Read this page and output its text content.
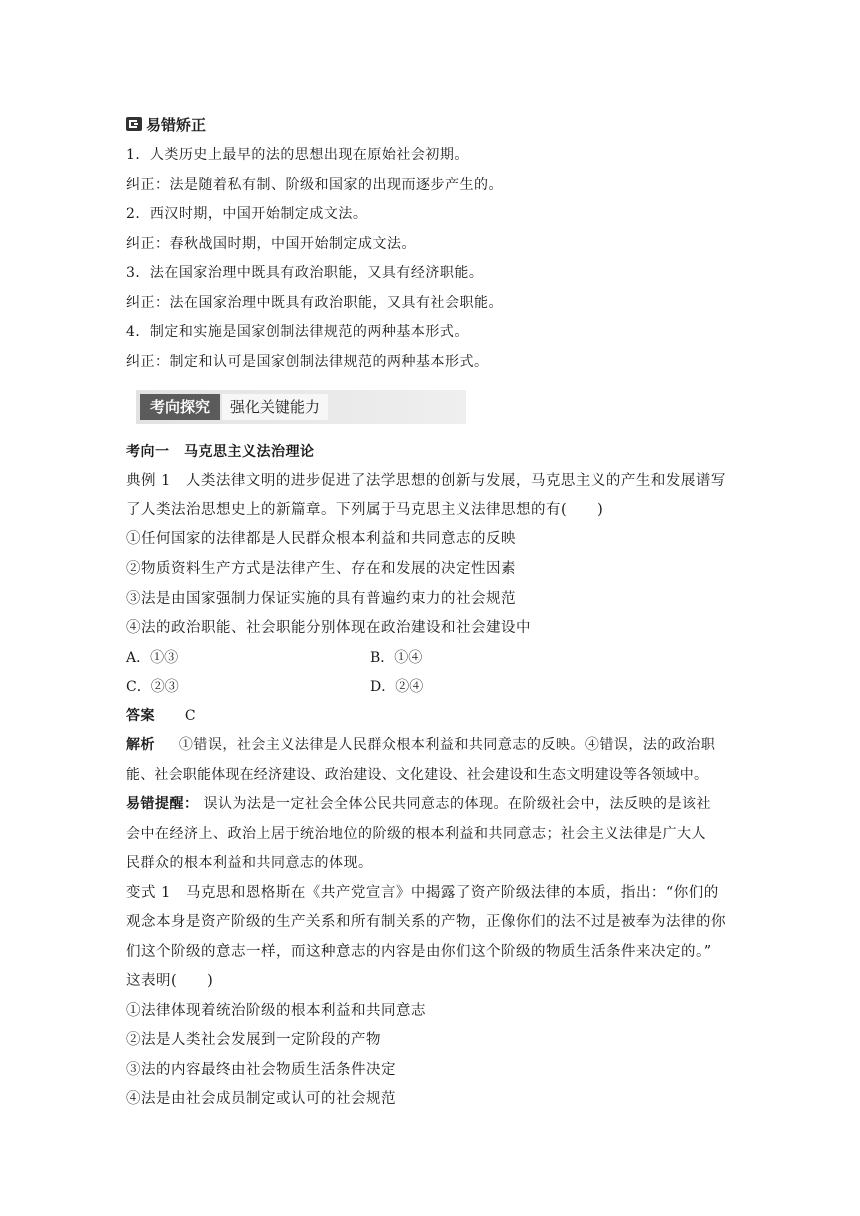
易错矫正
1．人类历史上最早的法的思想出现在原始社会初期。
纠正：法是随着私有制、阶级和国家的出现而逐步产生的。
2．西汉时期，中国开始制定成文法。
纠正：春秋战国时期，中国开始制定成文法。
3．法在国家治理中既具有政治职能，又具有经济职能。
纠正：法在国家治理中既具有政治职能，又具有社会职能。
4．制定和实施是国家创制法律规范的两种基本形式。
纠正：制定和认可是国家创制法律规范的两种基本形式。
考向探究	强化关键能力
考向一　马克思主义法治理论
典例 1　人类法律文明的进步促进了法学思想的创新与发展，马克思主义的产生和发展谱写
了人类法治思想史上的新篇章。下列属于马克思主义法律思想的有(　　)
①任何国家的法律都是人民群众根本利益和共同意志的反映
②物质资料生产方式是法律产生、存在和发展的决定性因素
③法是由国家强制力保证实施的具有普遍约束力的社会规范
④法的政治职能、社会职能分别体现在政治建设和社会建设中
A．①③	B．①④
C．②③	D．②④
答案 C
解析 ①错误，社会主义法律是人民群众根本利益和共同意志的反映。④错误，法的政治职
能、社会职能体现在经济建设、政治建设、文化建设、社会建设和生态文明建设等各领域中。
易错提醒： 误认为法是一定社会全体公民共同意志的体现。在阶级社会中，法反映的是该社
会中在经济上、政治上居于统治地位的阶级的根本利益和共同意志；社会主义法律是广大人
民群众的根本利益和共同意志的体现。
变式 1　马克思和恩格斯在《共产党宣言》中揭露了资产阶级法律的本质，指出：“你们的
观念本身是资产阶级的生产关系和所有制关系的产物，正像你们的法不过是被奉为法律的你
们这个阶级的意志一样，而这种意志的内容是由你们这个阶级的物质生活条件来决定的。”
这表明(　　)
①法律体现着统治阶级的根本利益和共同意志
②法是人类社会发展到一定阶段的产物
③法的内容最终由社会物质生活条件决定
④法是由社会成员制定或认可的社会规范
